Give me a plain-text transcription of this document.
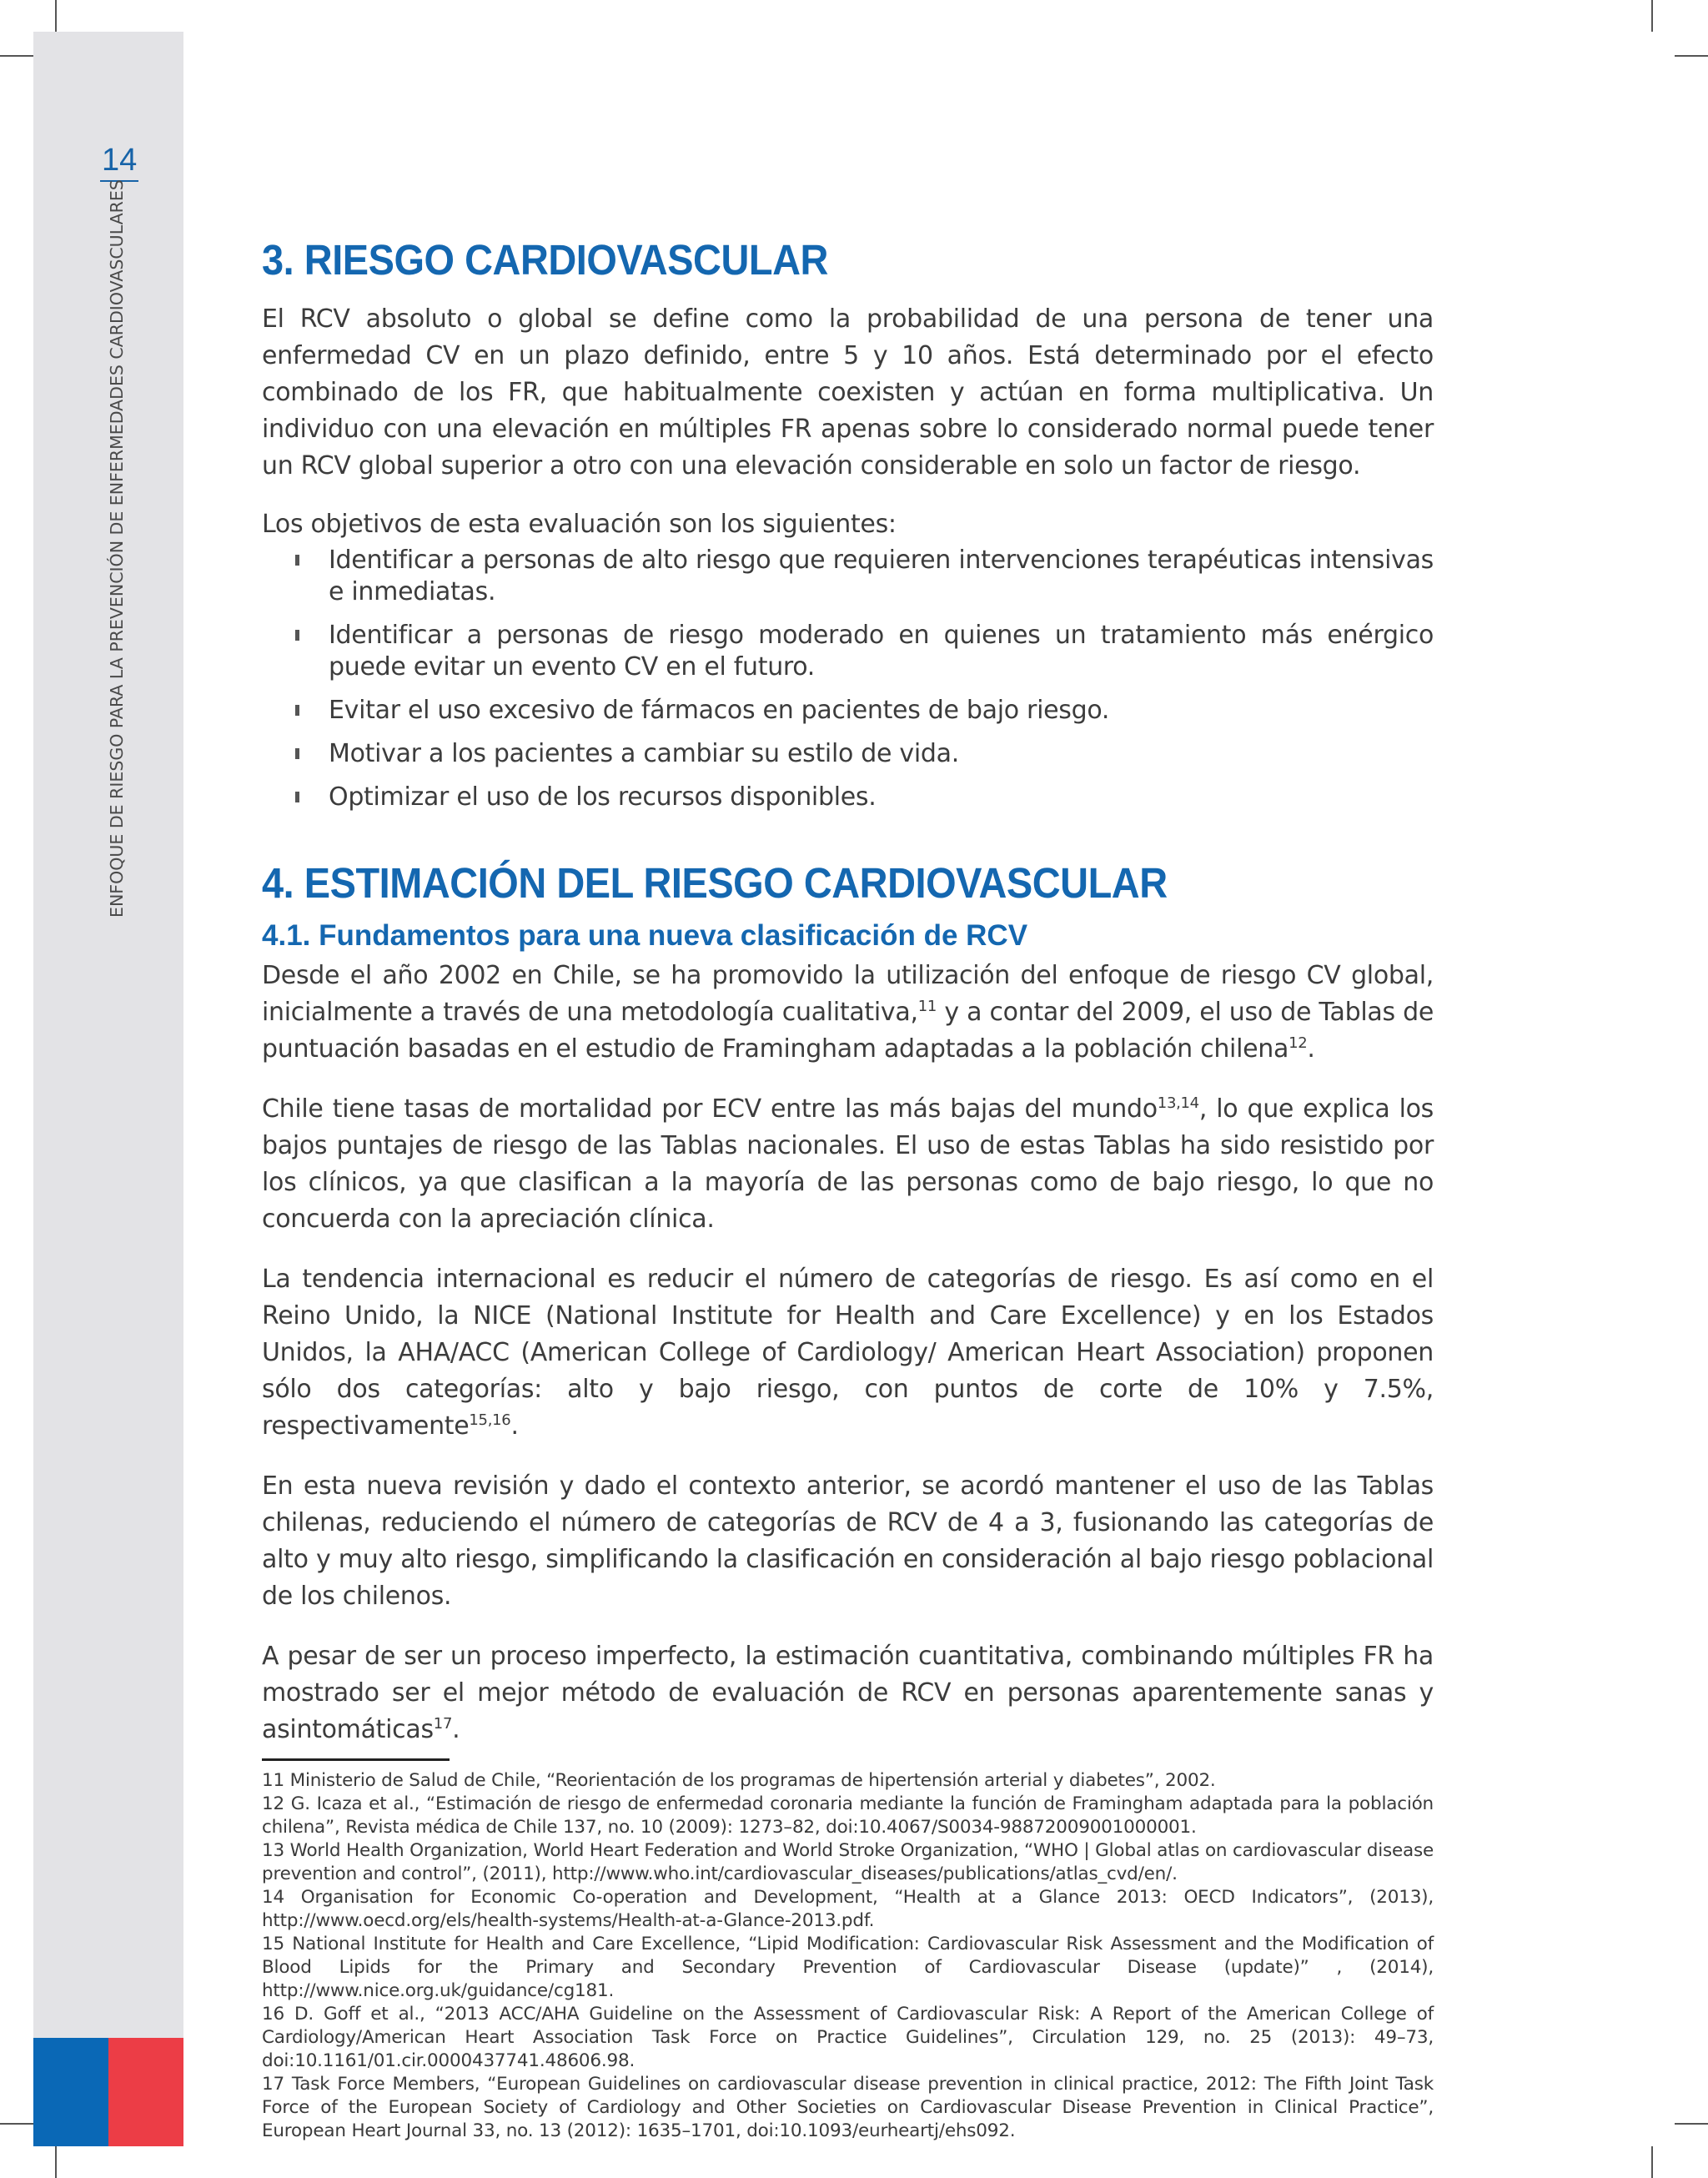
14
ENFOQUE DE RIESGO PARA LA PREVENCIÓN DE ENFERMEDADES CARDIOVASCULARES	3. RIESGO CARDIOVASCULAR

El RCV absoluto o global se define como la probabilidad de una persona de tener una enfermedad CV en un plazo definido, entre 5 y 10 años. Está determinado por el efecto combinado de los FR, que habitualmente coexisten y actúan en forma multiplicativa. Un individuo con una elevación en múltiples FR apenas sobre lo considerado normal puede tener un RCV global superior a otro con una elevación considerable en solo un factor de riesgo.

Los objetivos de esta evaluación son los siguientes:

Identificar a personas de alto riesgo que requieren intervenciones terapéuticas intensivas e inmediatas.
Identificar a personas de riesgo moderado en quienes un tratamiento más enérgico puede evitar un evento CV en el futuro.
Evitar el uso excesivo de fármacos en pacientes de bajo riesgo.
Motivar a los pacientes a cambiar su estilo de vida.
Optimizar el uso de los recursos disponibles.
4. ESTIMACIÓN DEL RIESGO CARDIOVASCULAR
4.1. Fundamentos para una nueva clasificación de RCV

Desde el año 2002 en Chile, se ha promovido la utilización del enfoque de riesgo CV global, inicialmente a través de una metodología cualitativa,$^{11}$ y a contar del 2009, el uso de Tablas de puntuación basadas en el estudio de Framingham adaptadas a la población chilena$^{12}$.

Chile tiene tasas de mortalidad por ECV entre las más bajas del mundo$^{13,14}$, lo que explica los bajos puntajes de riesgo de las Tablas nacionales. El uso de estas Tablas ha sido resistido por los clínicos, ya que clasifican a la mayoría de las personas como de bajo riesgo, lo que no concuerda con la apreciación clínica.

La tendencia internacional es reducir el número de categorías de riesgo. Es así como en el Reino Unido, la NICE (National Institute for Health and Care Excellence) y en los Estados Unidos, la AHA/ACC (American College of Cardiology/ American Heart Association) proponen sólo dos categorías: alto y bajo riesgo, con puntos de corte de 10% y 7.5%, respectivamente$^{15,16}$.

En esta nueva revisión y dado el contexto anterior, se acordó mantener el uso de las Tablas chilenas, reduciendo el número de categorías de RCV de 4 a 3, fusionando las categorías de alto y muy alto riesgo, simplificando la clasificación en consideración al bajo riesgo poblacional de los chilenos.

A pesar de ser un proceso imperfecto, la estimación cuantitativa, combinando múltiples FR ha mostrado ser el mejor método de evaluación de RCV en personas aparentemente sanas y asintomáticas$^{17}$.

11 Ministerio de Salud de Chile, “Reorientación de los programas de hipertensión arterial y diabetes”, 2002.

12 G. Icaza et al., “Estimación de riesgo de enfermedad coronaria mediante la función de Framingham adaptada para la población chilena”, Revista médica de Chile 137, no. 10 (2009): 1273–82, doi:10.4067/S0034-98872009001000001.

13 World Health Organization, World Heart Federation and World Stroke Organization, “WHO | Global atlas on cardiovascular disease prevention and control”, (2011), http://www.who.int/cardiovascular_diseases/publications/atlas_cvd/en/.

14 Organisation for Economic Co-operation and Development, “Health at a Glance 2013: OECD Indicators”, (2013), http://www.oecd.org/els/health-systems/Health-at-a-Glance-2013.pdf.

15 National Institute for Health and Care Excellence, “Lipid Modification: Cardiovascular Risk Assessment and the Modification of Blood Lipids for the Primary and Secondary Prevention of Cardiovascular Disease (update)” , (2014), http://www.nice.org.uk/guidance/cg181.

16 D. Goff et al., “2013 ACC/AHA Guideline on the Assessment of Cardiovascular Risk: A Report of the American College of Cardiology/American Heart Association Task Force on Practice Guidelines”, Circulation 129, no. 25 (2013): 49–73, doi:10.1161/01.cir.0000437741.48606.98.

17 Task Force Members, “European Guidelines on cardiovascular disease prevention in clinical practice, 2012: The Fifth Joint Task Force of the European Society of Cardiology and Other Societies on Cardiovascular Disease Prevention in Clinical Practice”, European Heart Journal 33, no. 13 (2012): 1635–1701, doi:10.1093/eurheartj/ehs092.
